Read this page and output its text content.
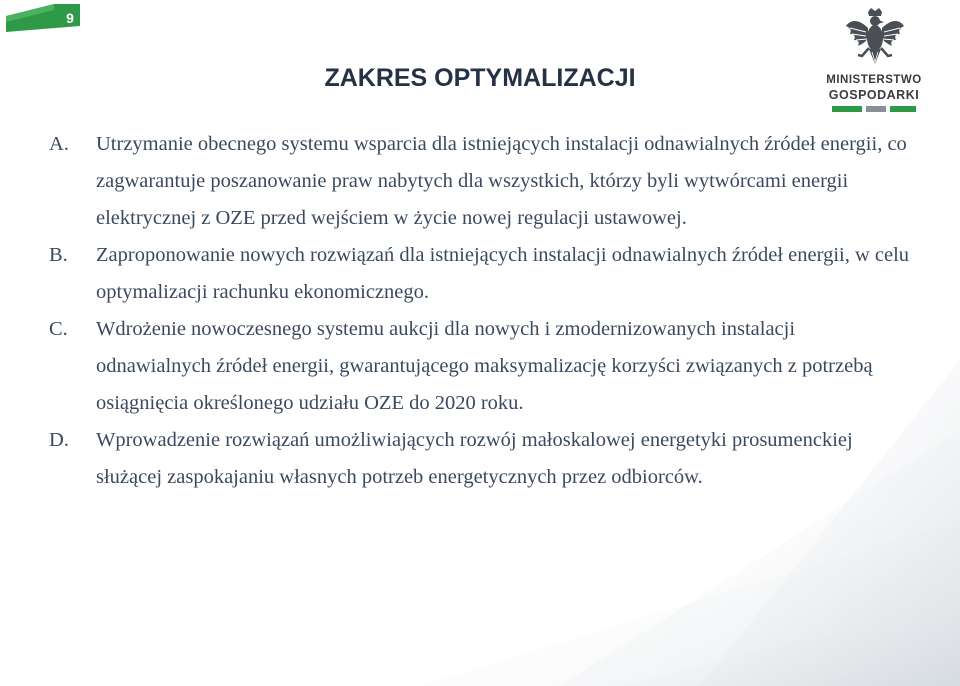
9
MINISTERSTWO
GOSPODARKI
ZAKRES OPTYMALIZACJI
A. Utrzymanie obecnego systemu wsparcia dla istniejących instalacji odnawialnych źródeł energii, co zagwarantuje poszanowanie praw nabytych dla wszystkich, którzy byli wytwórcami energii elektrycznej z OZE przed wejściem w życie nowej regulacji ustawowej.
B. Zaproponowanie nowych rozwiązań dla istniejących instalacji odnawialnych źródeł energii, w celu optymalizacji rachunku ekonomicznego.
C. Wdrożenie nowoczesnego systemu aukcji dla nowych i zmodernizowanych instalacji odnawialnych źródeł energii, gwarantującego maksymalizację korzyści związanych z potrzebą osiągnięcia określonego udziału OZE do 2020 roku.
D. Wprowadzenie rozwiązań umożliwiających rozwój małoskalowej energetyki prosumenckiej służącej zaspokajaniu własnych potrzeb energetycznych przez odbiorców.
